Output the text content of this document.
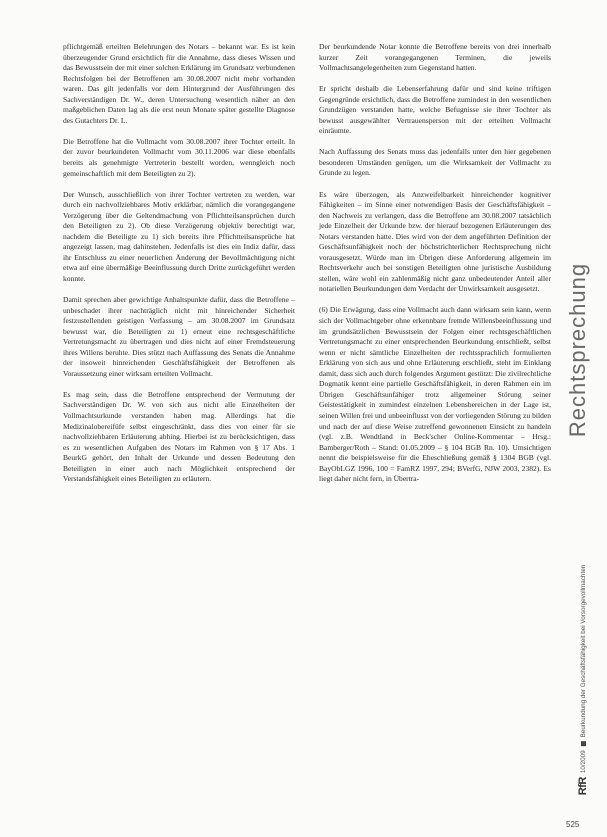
pflichtgemäß erteilten Belehrungen des Notars – bekannt war. Es ist kein überzeugender Grund ersichtlich für die Annahme, dass dieses Wissen und das Bewusstsein der mit einer solchen Erklärung im Grundsatz verbundenen Rechtsfolgen bei der Betroffenen am 30.08.2007 nicht mehr vorhanden waren. Das gilt jedenfalls vor dem Hintergrund der Ausführungen des Sachverständigen Dr. W., deren Untersuchung wesentlich näher an den maßgeblichen Daten lag als die erst neun Monate später gestellte Diagnose des Gutachters Dr. L.

Die Betroffene hat die Vollmacht vom 30.08.2007 ihrer Tochter erteilt. In der zuvor beurkundeten Vollmacht vom 30.11.2006 war diese ebenfalls bereits als genehmigte Vertreterin bestellt worden, wenngleich noch gemeinschaftlich mit dem Beteiligten zu 2).

Der Wunsch, ausschließlich von ihrer Tochter vertreten zu werden, war durch ein nachvollziehbares Motiv erklärbar, nämlich die vorangegangene Verzögerung über die Geltendmachung von Pflichtteilsansprüchen durch den Beteiligten zu 2). Ob diese Verzögerung objektiv berechtigt war, nachdem die Beteiligte zu 1) sich bereits ihre Pflichtteilsansprüche hat angezeigt lassen, mag dahinstehen. Jedenfalls ist dies ein Indiz dafür, dass ihr Entschluss zu einer neuerlichen Änderung der Bevollmächtigung nicht etwa auf eine übermäßige Beeinflussung durch Dritte zurückgeführt werden konnte.

Damit sprechen aber gewichtige Anhaltspunkte dafür, dass die Betroffene – unbeschadet ihrer nachträglich nicht mit hinreichender Sicherheit festzustellenden geistigen Verfassung – am 30.08.2007 im Grundsatz bewusst war, die Beteiligten zu 1) erneut eine rechtsgeschäftliche Vertretungsmacht zu übertragen und dies nicht auf einer Fremdsteuerung ihres Willens beruhte. Dies stützt nach Auffassung des Senats die Annahme der insoweit hinreichenden Geschäftsfähigkeit der Betroffenen als Voraussetzung einer wirksam erteilten Vollmacht.

Es mag sein, dass die Betroffene entsprechend der Vermutung der Sachverständigen Dr. W. von sich aus nicht alle Einzelheiten der Vollmachtsurkunde verstanden haben mag. Allerdings hat die Medizinalobereifüfe selbst eingeschränkt, dass dies von einer für sie nachvollziehbaren Erläuterung abhing. Hierbei ist zu berücksichtigen, dass es zu wesentlichen Aufgaben des Notars im Rahmen von § 17 Abs. 1 BeurkG gehört, den Inhalt der Urkunde und dessen Bedeutung den Beteiligten in einer auch nach Möglichkeit entsprechend der Verstandsfähigkeit eines Beteiligten zu erläutern.

Der beurkundende Notar konnte die Betroffene bereits von drei innerhalb kurzer Zeit vorangegangenen Terminen, die jeweils Vollmachtsangelegenheiten zum Gegenstand hatten.

Er spricht deshalb die Lebenserfahrung dafür und sind keine triftigen Gegengründe ersichtlich, dass die Betroffene zumindest in den wesentlichen Grundzügen verstanden hatte, welche Befugnisse sie ihrer Tochter als bewusst ausgewählter Vertrauensperson mit der erteilten Vollmacht einräumte.

Nach Auffassung des Senats muss das jedenfalls unter den hier gegebenen besonderen Umständen genügen, um die Wirksamkeit der Vollmacht zu Grunde zu legen.

Es wäre überzogen, als Anzweifelbarkeit hinreichender kognitiver Fähigkeiten – im Sinne einer notwendigen Basis der Geschäftsfähigkeit – den Nachweis zu verlangen, dass die Betroffene am 30.08.2007 tatsächlich jede Einzelheit der Urkunde bzw. der hierauf bezogenen Erläuterungen des Notars verstanden hatte. Dies wird von der dem angeführten Definition der Geschäftsunfähigkeit noch der höchstrichterlichen Rechtsprechung nicht vorausgesetzt. Würde man im Übrigen diese Anforderung allgemein im Rechtsverkehr auch bei sonstigen Beteiligten ohne juristische Ausbildung stellen, wäre wohl ein zahlenmäßig nicht ganz unbedeutender Anteil aller notariellen Beurkundungen dem Verdacht der Unwirksamkeit ausgesetzt.

(6) Die Erwägung, dass eine Vollmacht auch dann wirksam sein kann, wenn sich der Vollmachtgeber ohne erkennbare fremde Willensbeeinflussung und im grundsätzlichen Bewusstsein der Folgen einer rechtsgeschäftlichen Vertretungsmacht zu einer entsprechenden Beurkundung entschließt, selbst wenn er nicht sämtliche Einzelheiten der rechtssprachlich formulierten Erklärung von sich aus und ohne Erläuterung erschließt, steht im Einklang damit, dass sich auch durch folgendes Argument gestützt: Die zivilrechtliche Dogmatik kennt eine partielle Geschäftsfähigkeit, in deren Rahmen ein im Übrigen Geschäftsunfähiger trotz allgemeiner Störung seiner Geistestätigkeit in zumindest einzelnen Lebensbereichen in der Lage ist, seinen Willen frei und unbeeinflusst von der vorliegenden Störung zu bilden und nach der auf diese Weise zutreffend gewonnenen Einsicht zu handeln (vgl. z.B. Wendtland in Beck'scher Online-Kommentar – Hrsg.: Bamberger/Roth – Stand: 01.05.2009 – § 104 BGB Rn. 10). Umsichtigen nennt die beispielsweise für die Eheschließung gemäß § 1304 BGB (vgl. BayObLGZ 1996, 100 = FamRZ 1997, 294; BVerfG, NJW 2003, 2382). Es liegt daher nicht fern, in Übertra-

Rechtsprechung
RfR
10/2009
Beurkundung der Geschäftsfähigkeit bei Vorsorgevollmachten
525
